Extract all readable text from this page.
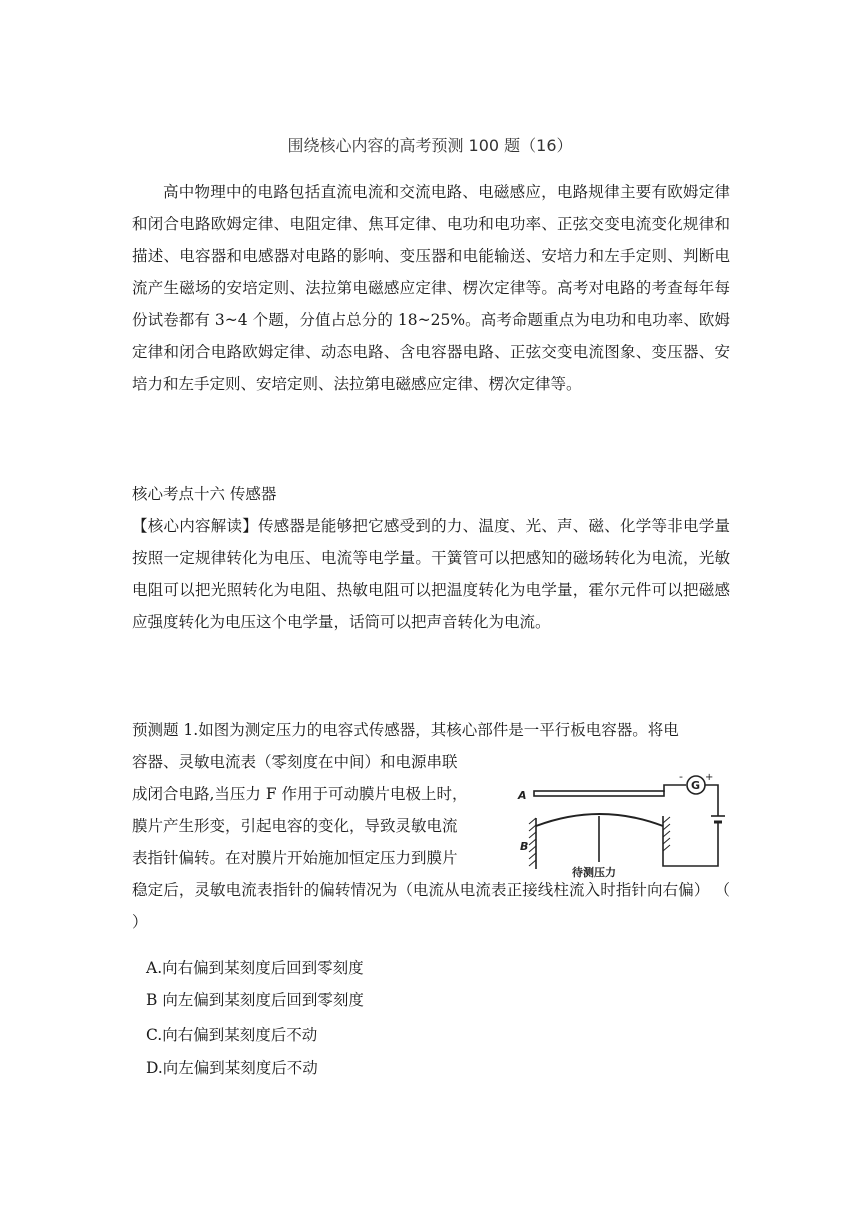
围绕核心内容的高考预测 100 题（16）

高中物理中的电路包括直流电流和交流电路、电磁感应，电路规律主要有欧姆定律和闭合电路欧姆定律、电阻定律、焦耳定律、电功和电功率、正弦交变电流变化规律和描述、电容器和电感器对电路的影响、变压器和电能输送、安培力和左手定则、判断电流产生磁场的安培定则、法拉第电磁感应定律、楞次定律等。高考对电路的考查每年每份试卷都有 3~4 个题，分值占总分的 18~25%。高考命题重点为电功和电功率、欧姆定律和闭合电路欧姆定律、动态电路、含电容器电路、正弦交变电流图象、变压器、安培力和左手定则、安培定则、法拉第电磁感应定律、楞次定律等。

核心考点十六 传感器

【核心内容解读】传感器是能够把它感受到的力、温度、光、声、磁、化学等非电学量按照一定规律转化为电压、电流等电学量。干簧管可以把感知的磁场转化为电流，光敏电阻可以把光照转化为电阻、热敏电阻可以把温度转化为电学量，霍尔元件可以把磁感应强度转化为电压这个电学量，话筒可以把声音转化为电流。

预测题 1.如图为测定压力的电容式传感器，其核心部件是一平行板电容器。将电

容器、灵敏电流表（零刻度在中间）和电源串联

成闭合电路,当压力 F 作用于可动膜片电极上时，

膜片产生形变，引起电容的变化，导致灵敏电流

表指针偏转。在对膜片开始施加恒定压力到膜片

稳定后，灵敏电流表指针的偏转情况为（电流从电流表正接线柱流入时指针向右偏） （ ）
A.向右偏到某刻度后回到零刻度
B 向左偏到某刻度后回到零刻度
C.向右偏到某刻度后不动
D.向左偏到某刻度后不动
A
B
G
- +
待测压力
